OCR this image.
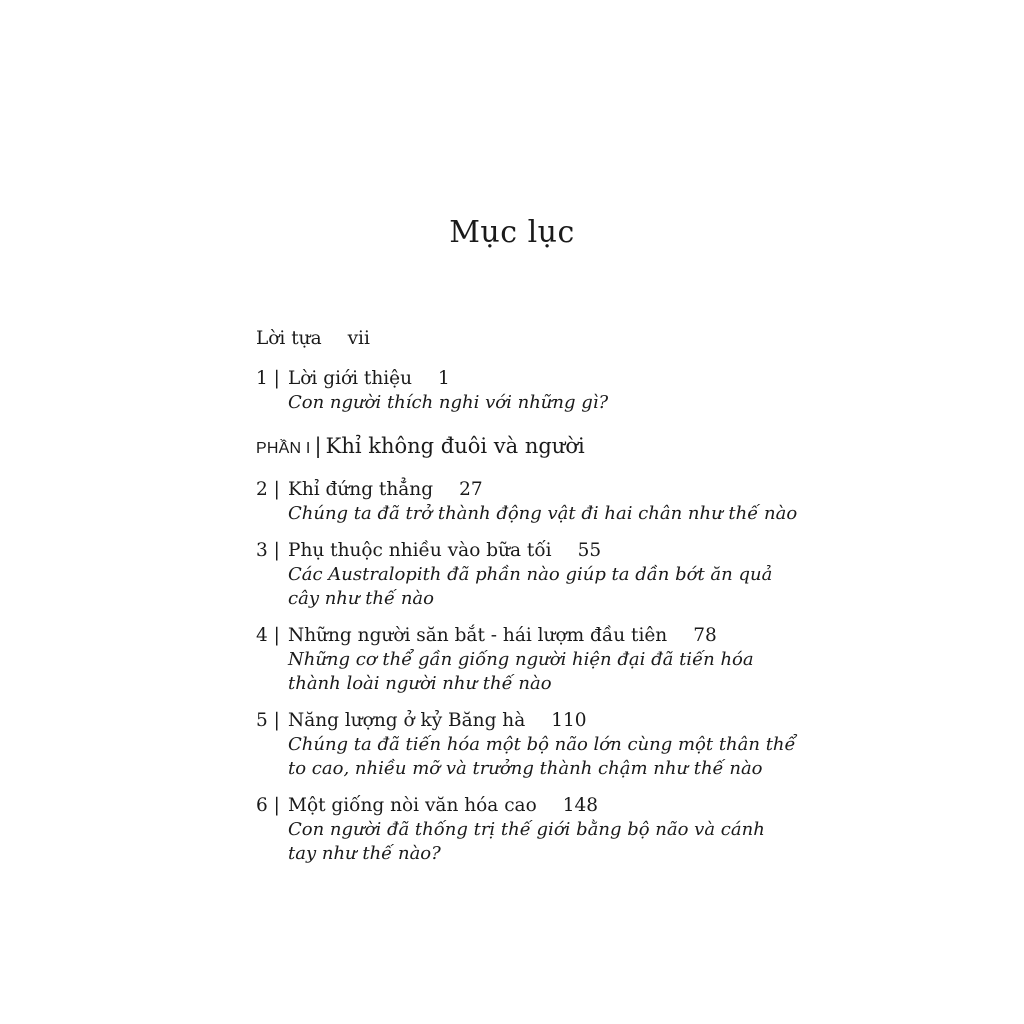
Mục lục
Lời tựa vii
1 | Lời giới thiệu 1
Con người thích nghi với những gì?
PHẦN I | Khỉ không đuôi và người
2 | Khỉ đứng thẳng 27
Chúng ta đã trở thành động vật đi hai chân như thế nào
3 | Phụ thuộc nhiều vào bữa tối 55
Các Australopith đã phần nào giúp ta dần bớt ăn quả cây như thế nào
4 | Những người săn bắt - hái lượm đầu tiên 78
Những cơ thể gần giống người hiện đại đã tiến hóa thành loài người như thế nào
5 | Năng lượng ở kỷ Băng hà 110
Chúng ta đã tiến hóa một bộ não lớn cùng một thân thể to cao, nhiều mỡ và trưởng thành chậm như thế nào
6 | Một giống nòi văn hóa cao 148
Con người đã thống trị thế giới bằng bộ não và cánh tay như thế nào?
